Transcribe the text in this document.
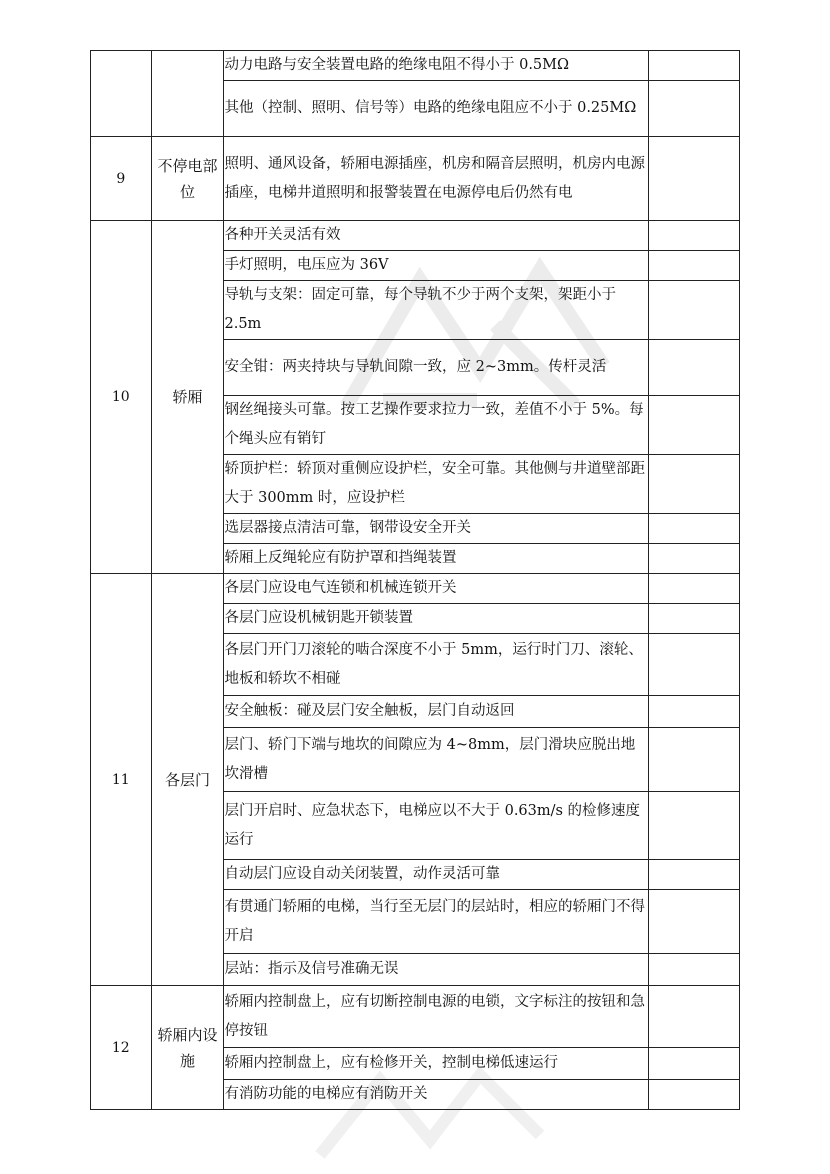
		动力电路与安全装置电路的绝缘电阻不得小于 0.5MΩ	
		其他（控制、照明、信号等）电路的绝缘电阻应不小于 0.25MΩ	
9	不停电部位	照明、通风设备，轿厢电源插座，机房和隔音层照明，机房内电源插座，电梯井道照明和报警装置在电源停电后仍然有电	
10	轿厢	各种开关灵活有效	
		手灯照明，电压应为 36V	
		导轨与支架：固定可靠，每个导轨不少于两个支架，架距小于 2.5m	
		安全钳：两夹持块与导轨间隙一致，应 2~3mm。传杆灵活	
		钢丝绳接头可靠。按工艺操作要求拉力一致，差值不小于 5%。每个绳头应有销钉	
		轿顶护栏：轿顶对重侧应设护栏，安全可靠。其他侧与井道壁部距大于 300mm 时，应设护栏	
		选层器接点清洁可靠，钢带设安全开关	
		轿厢上反绳轮应有防护罩和挡绳装置	
11	各层门	各层门应设电气连锁和机械连锁开关	
		各层门应设机械钥匙开锁装置	
		各层门开门刀滚轮的啮合深度不小于 5mm，运行时门刀、滚轮、地板和轿坎不相碰	
		安全触板：碰及层门安全触板，层门自动返回	
		层门、轿门下端与地坎的间隙应为 4~8mm，层门滑块应脱出地坎滑槽	
		层门开启时、应急状态下，电梯应以不大于 0.63m/s 的检修速度运行	
		自动层门应设自动关闭装置，动作灵活可靠	
		有贯通门轿厢的电梯，当行至无层门的层站时，相应的轿厢门不得开启	
		层站：指示及信号准确无误	
12	轿厢内设施	轿厢内控制盘上，应有切断控制电源的电锁，文字标注的按钮和急停按钮	
		轿厢内控制盘上，应有检修开关，控制电梯低速运行	
		有消防功能的电梯应有消防开关	
